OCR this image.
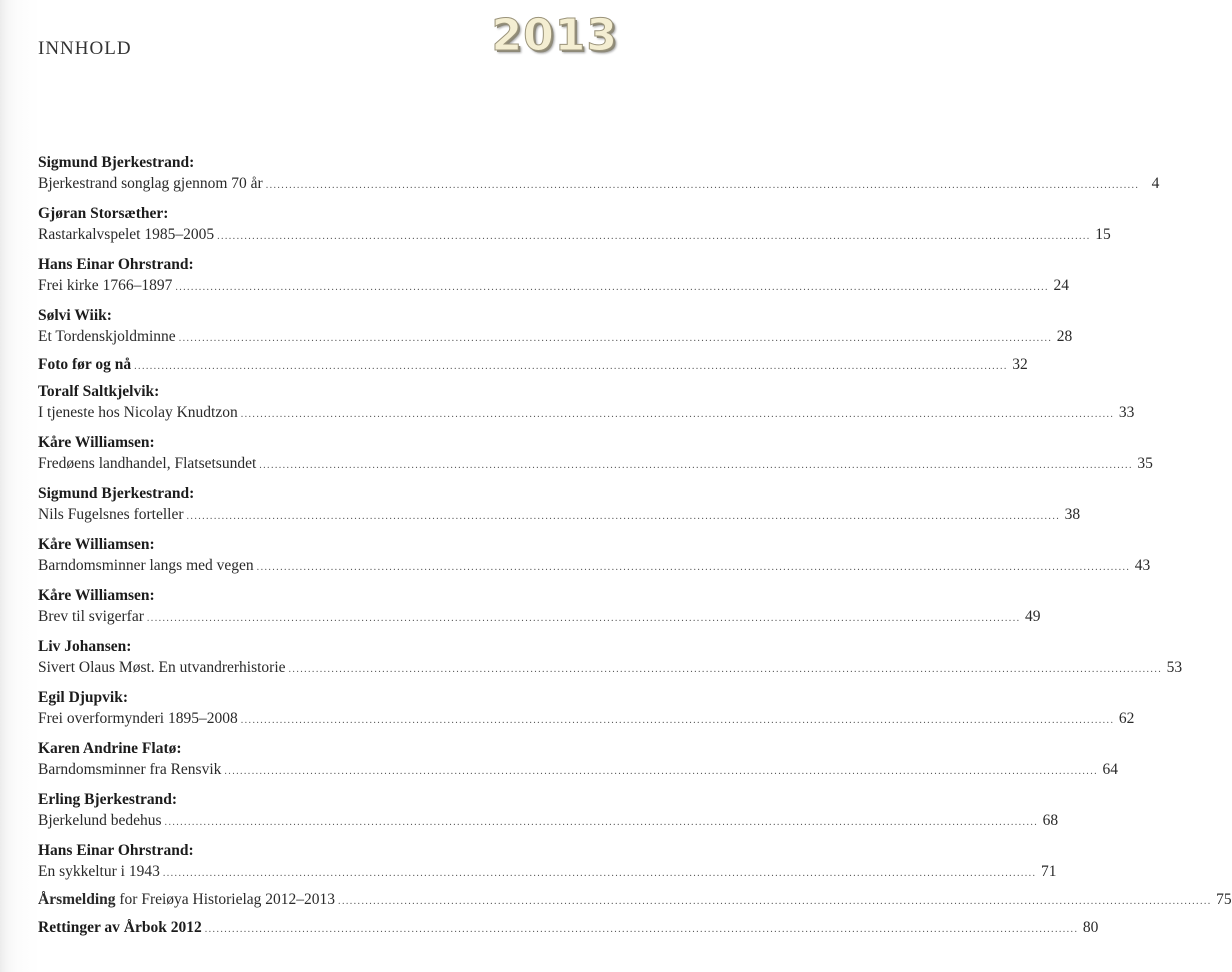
INNHOLD	2013
Sigmund Bjerkestrand:
Bjerkestrand songlag gjennom 70 år ................................................................................................................................................................................................................................ 4
Gjøran Storsæther:
Rastarkalvspelet 1985–2005 ................................................................................................................................................................................................................................ 15
Hans Einar Ohrstrand:
Frei kirke 1766–1897 ................................................................................................................................................................................................................................ 24
Sølvi Wiik:
Et Tordenskjoldminne ................................................................................................................................................................................................................................ 28
Foto før og nå ................................................................................................................................................................................................................................ 32
Toralf Saltkjelvik:
I tjeneste hos Nicolay Knudtzon ................................................................................................................................................................................................................................ 33
Kåre Williamsen:
Fredøens landhandel, Flatsetsundet ................................................................................................................................................................................................................................ 35
Sigmund Bjerkestrand:
Nils Fugelsnes forteller ................................................................................................................................................................................................................................ 38
Kåre Williamsen:
Barndomsminner langs med vegen ................................................................................................................................................................................................................................ 43
Kåre Williamsen:
Brev til svigerfar ................................................................................................................................................................................................................................ 49
Liv Johansen:
Sivert Olaus Møst. En utvandrerhistorie ................................................................................................................................................................................................................................ 53
Egil Djupvik:
Frei overformynderi 1895–2008 ................................................................................................................................................................................................................................ 62
Karen Andrine Flatø:
Barndomsminner fra Rensvik ................................................................................................................................................................................................................................ 64
Erling Bjerkestrand:
Bjerkelund bedehus ................................................................................................................................................................................................................................ 68
Hans Einar Ohrstrand:
En sykkeltur i 1943 ................................................................................................................................................................................................................................ 71
Årsmelding for Freiøya Historielag 2012–2013 ................................................................................................................................................................................................................................ 75
Rettinger av Årbok 2012 ................................................................................................................................................................................................................................ 80
